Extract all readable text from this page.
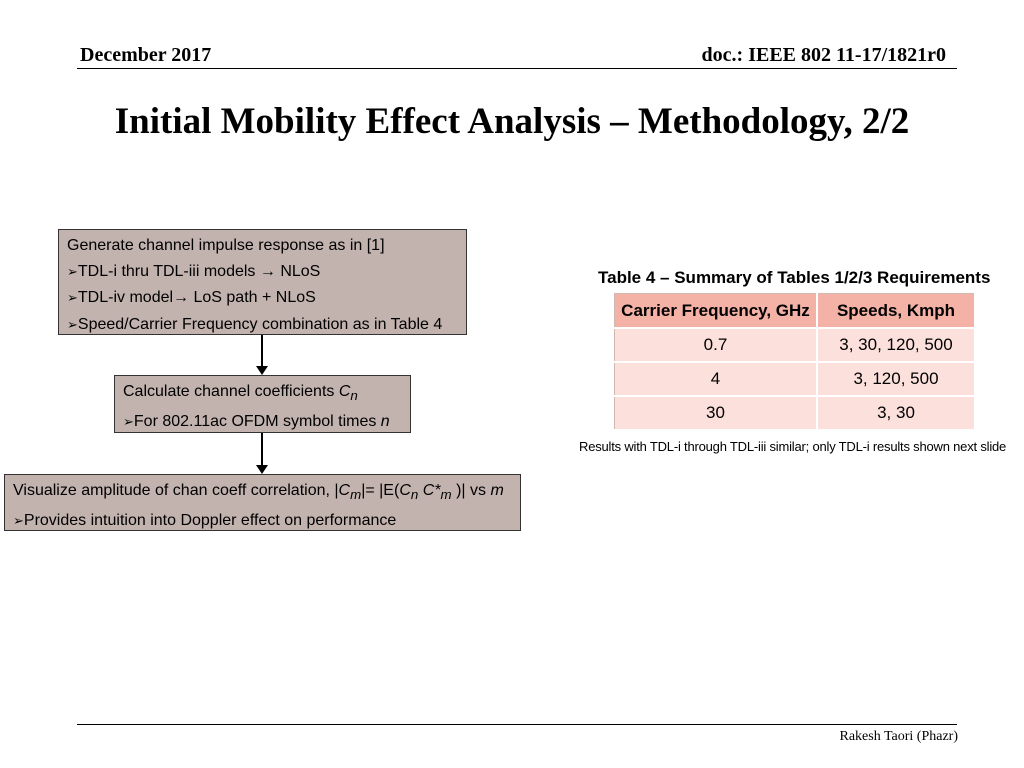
December 2017	doc.: IEEE 802 11-17/1821r0
Initial Mobility Effect Analysis – Methodology, 2/2
Generate channel impulse response as in [1]
➢TDL-i thru TDL-iii models → NLoS
➢TDL-iv model→ LoS path + NLoS
➢Speed/Carrier Frequency combination as in Table 4
Calculate channel coefficients $C_n$
➢For 802.11ac OFDM symbol times n
Visualize amplitude of chan coeff correlation, $|C_m|= |E(C_n$ $C*_m$ )| vs m
➢Provides intuition into Doppler effect on performance
Table 4 – Summary of Tables 1/2/3 Requirements
Carrier Frequency, GHz	Speeds, Kmph
0.7	3, 30, 120, 500
4	3, 120, 500
30	3, 30
Results with TDL-i through TDL-iii similar; only TDL-i results shown next slide
Rakesh Taori (Phazr)
